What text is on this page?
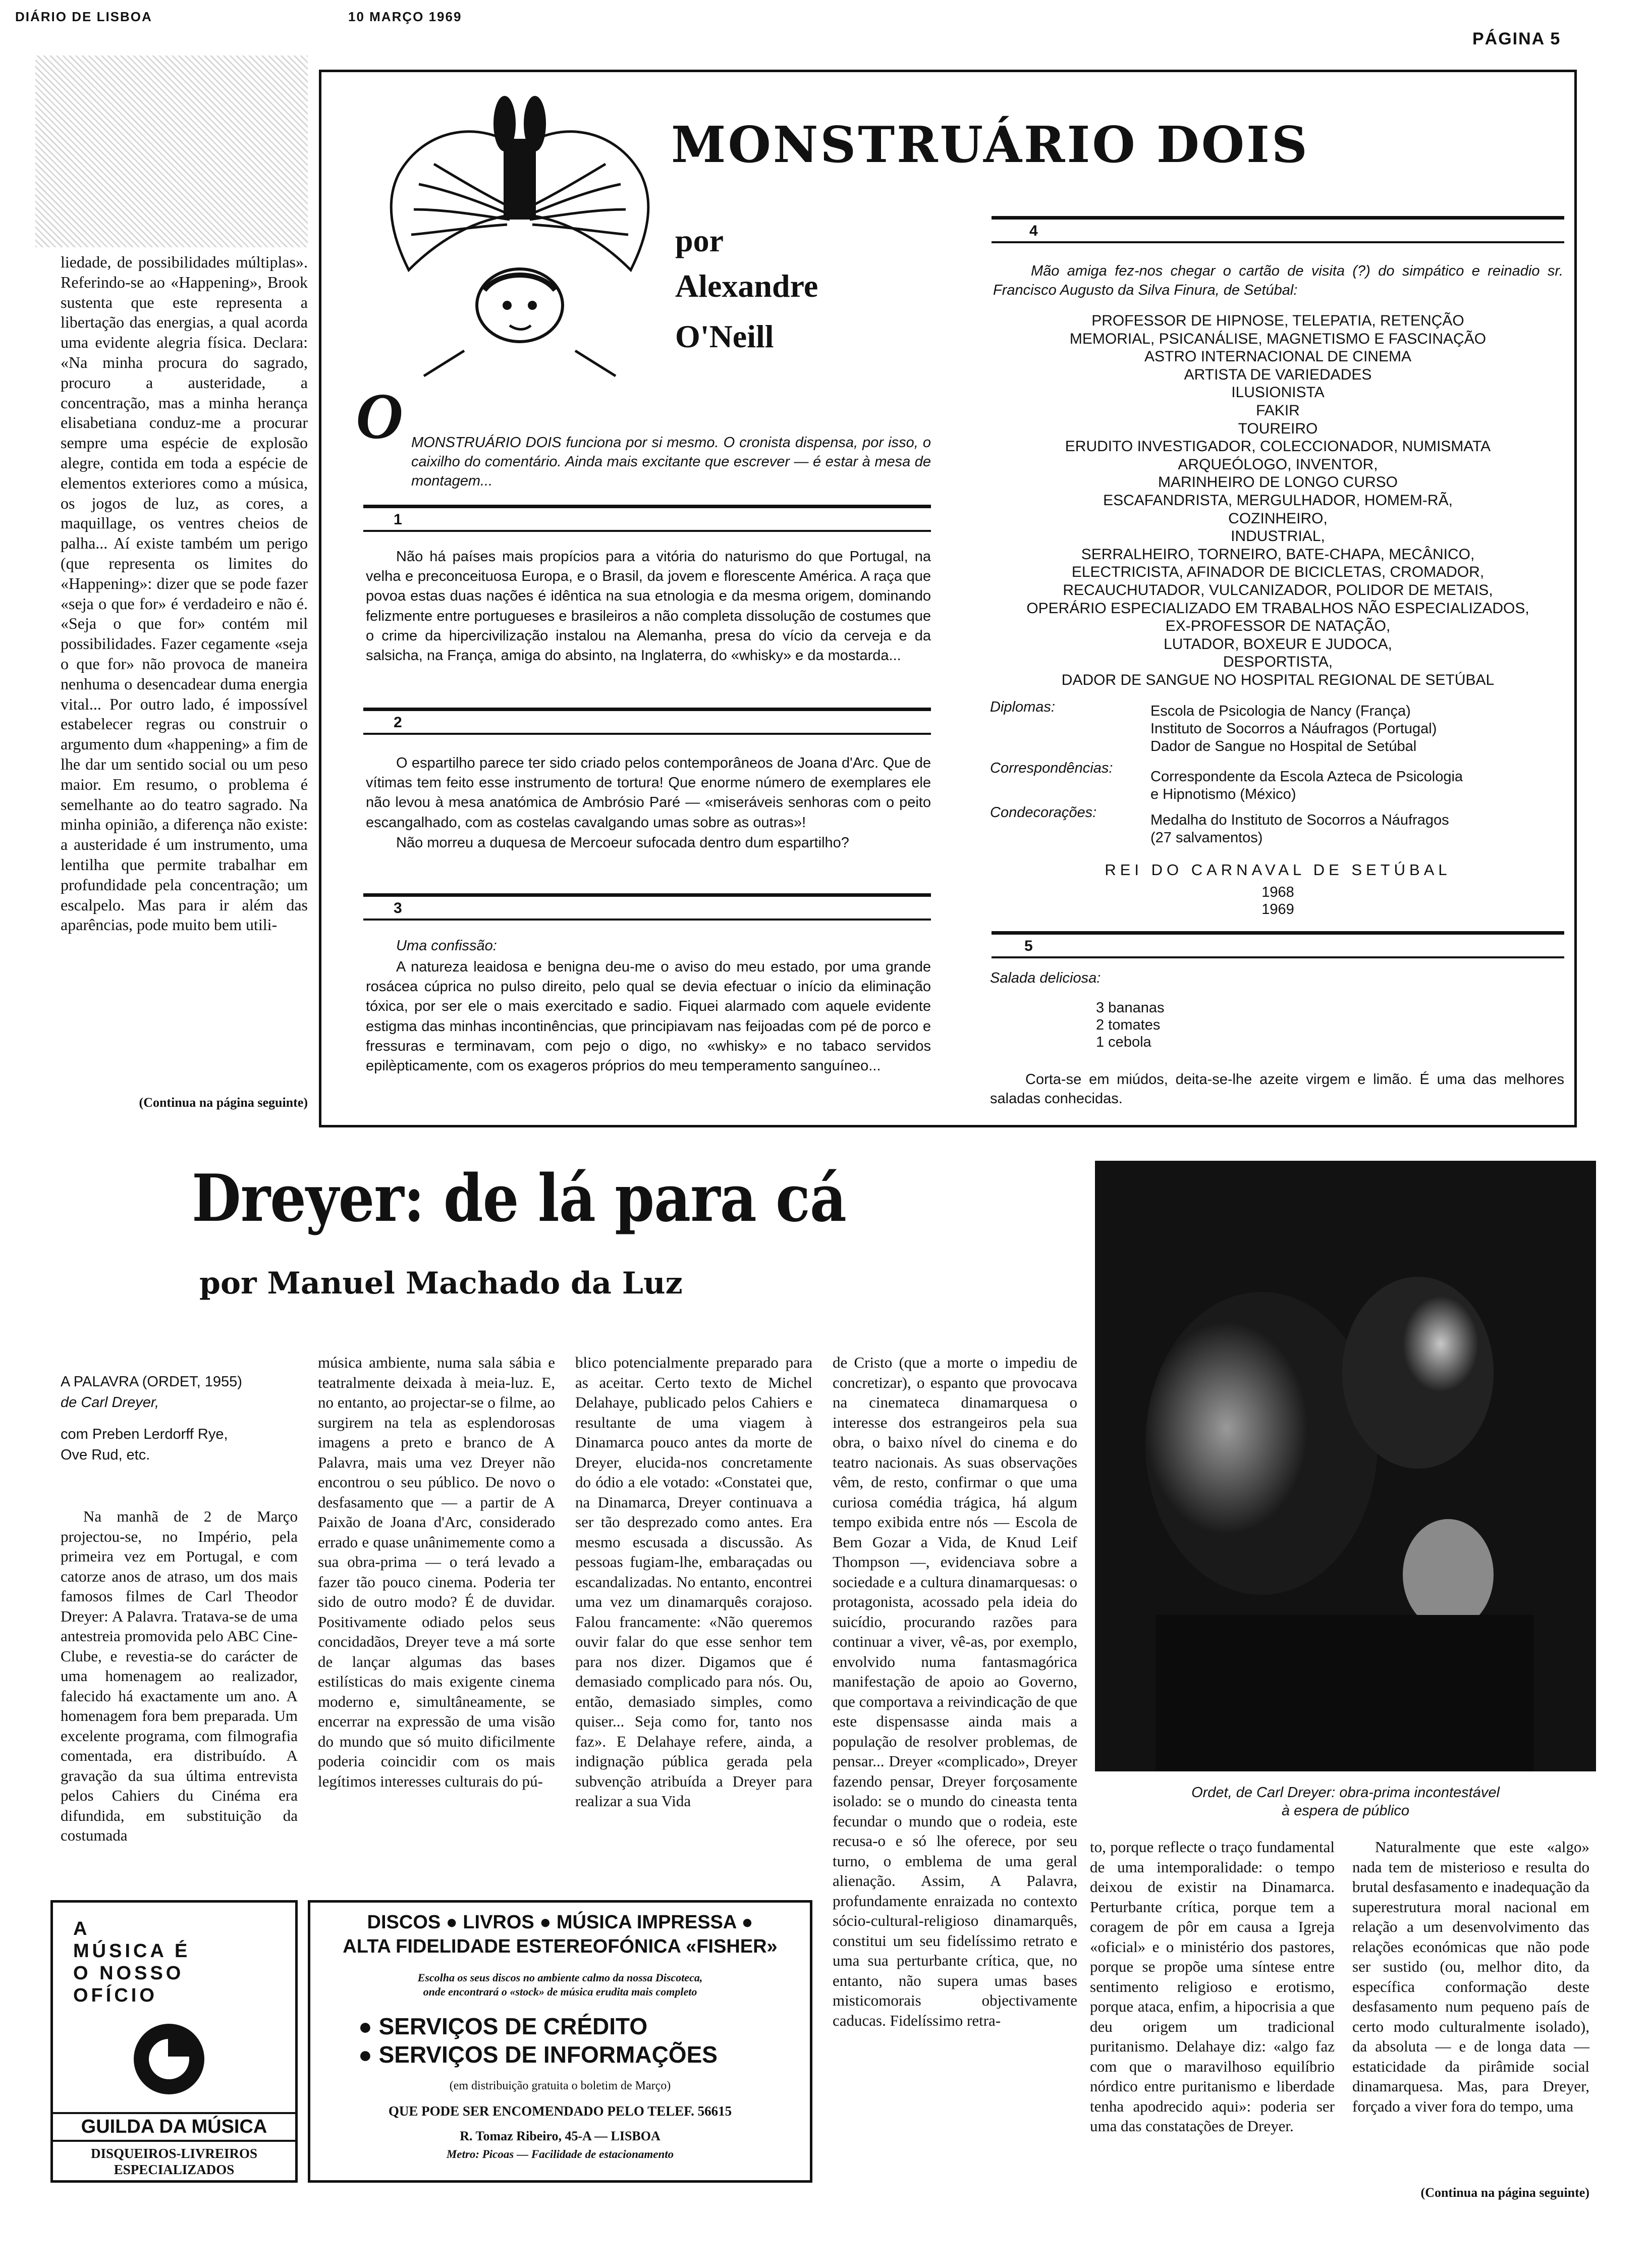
DIÁRIO DE LISBOA	10 MARÇO 1969
PÁGINA 5
liedade, de possibilidades múltiplas». Referindo-se ao «Happening», Brook sustenta que este representa a libertação das energias, a qual acorda uma evidente alegria física. Declara: «Na minha procura do sagrado, procuro a austeridade, a concentração, mas a minha herança elisabetiana conduz-me a procurar sempre uma espécie de explosão alegre, contida em toda a espécie de elementos exteriores como a música, os jogos de luz, as cores, a maquillage, os ventres cheios de palha... Aí existe também um perigo (que representa os limites do «Happening»: dizer que se pode fazer «seja o que for» é verdadeiro e não é. «Seja o que for» contém mil possibilidades. Fazer cegamente «seja o que for» não provoca de maneira nenhuma o desencadear duma energia vital... Por outro lado, é impossível estabelecer regras ou construir o argumento dum «happening» a fim de lhe dar um sentido social ou um peso maior. Em resumo, o problema é semelhante ao do teatro sagrado. Na minha opinião, a diferença não existe: a austeridade é um instrumento, uma lentilha que permite trabalhar em profundidade pela concentração; um escalpelo. Mas para ir além das aparências, pode muito bem utili-
(Continua na página seguinte)
MONSTRUÁRIO DOIS
por
Alexandre
O'Neill
O MONSTRUÁRIO DOIS funciona por si mesmo. O cronista dispensa, por isso, o caixilho do comentário. Ainda mais excitante que escrever — é estar à mesa de montagem...
1
Não há países mais propícios para a vitória do naturismo do que Portugal, na velha e preconceituosa Europa, e o Brasil, da jovem e florescente América. A raça que povoa estas duas nações é idêntica na sua etnologia e da mesma origem, dominando felizmente entre portugueses e brasileiros a não completa dissolução de costumes que o crime da hipercivilização instalou na Alemanha, presa do vício da cerveja e da salsicha, na França, amiga do absinto, na Inglaterra, do «whisky» e da mostarda...
2
O espartilho parece ter sido criado pelos contemporâneos de Joana d'Arc. Que de vítimas tem feito esse instrumento de tortura! Que enorme número de exemplares ele não levou à mesa anatómica de Ambrósio Paré — «miseráveis senhoras com o peito escangalhado, com as costelas cavalgando umas sobre as outras»!
Não morreu a duquesa de Mercoeur sufocada dentro dum espartilho?
3
Uma confissão:
A natureza leaidosa e benigna deu-me o aviso do meu estado, por uma grande rosácea cúprica no pulso direito, pelo qual se devia efectuar o início da eliminação tóxica, por ser ele o mais exercitado e sadio. Fiquei alarmado com aquele evidente estigma das minhas incontinências, que principiavam nas feijoadas com pé de porco e fressuras e terminavam, com pejo o digo, no «whisky» e no tabaco servidos epilèpticamente, com os exageros próprios do meu temperamento sanguíneo...
4
Mão amiga fez-nos chegar o cartão de visita (?) do simpático e reinadio sr. Francisco Augusto da Silva Finura, de Setúbal:
PROFESSOR DE HIPNOSE, TELEPATIA, RETENÇÃO
MEMORIAL, PSICANÁLISE, MAGNETISMO E FASCINAÇÃO
ASTRO INTERNACIONAL DE CINEMA
ARTISTA DE VARIEDADES
ILUSIONISTA
FAKIR
TOUREIRO
ERUDITO INVESTIGADOR, COLECCIONADOR, NUMISMATA
ARQUEÓLOGO, INVENTOR,
MARINHEIRO DE LONGO CURSO
ESCAFANDRISTA, MERGULHADOR, HOMEM-RÃ,
COZINHEIRO,
INDUSTRIAL,
SERRALHEIRO, TORNEIRO, BATE-CHAPA, MECÂNICO,
ELECTRICISTA, AFINADOR DE BICICLETAS, CROMADOR,
RECAUCHUTADOR, VULCANIZADOR, POLIDOR DE METAIS,
OPERÁRIO ESPECIALIZADO EM TRABALHOS NÃO ESPECIALIZADOS,
EX-PROFESSOR DE NATAÇÃO,
LUTADOR, BOXEUR E JUDOCA,
DESPORTISTA,
DADOR DE SANGUE NO HOSPITAL REGIONAL DE SETÚBAL
Diplomas:	Escola de Psicologia de Nancy (França)
Instituto de Socorros a Náufragos (Portugal)
Dador de Sangue no Hospital de Setúbal
Correspondências:
Correspondente da Escola Azteca de Psicologia
e Hipnotismo (México)
Condecorações:	Medalha do Instituto de Socorros a Náufragos
(27 salvamentos)
REI DO CARNAVAL DE SETÚBAL
1968
1969
5
Salada deliciosa:
3 bananas
2 tomates
1 cebola
Corta-se em miúdos, deita-se-lhe azeite virgem e limão. É uma das melhores saladas conhecidas.
Dreyer: de lá para cá
por Manuel Machado da Luz
A PALAVRA (ORDET, 1955)
de Carl Dreyer,
com Preben Lerdorff Rye,
Ove Rud, etc.
Na manhã de 2 de Março projectou-se, no Império, pela primeira vez em Portugal, e com catorze anos de atraso, um dos mais famosos filmes de Carl Theodor Dreyer: A Palavra. Tratava-se de uma antestreia promovida pelo ABC Cine-Clube, e revestia-se do carácter de uma homenagem ao realizador, falecido há exactamente um ano. A homenagem fora bem preparada. Um excelente programa, com filmografia comentada, era distribuído. A gravação da sua última entrevista pelos Cahiers du Cinéma era difundida, em substituição da costumada
música ambiente, numa sala sábia e teatralmente deixada à meia-luz. E, no entanto, ao projectar-se o filme, ao surgirem na tela as esplendorosas imagens a preto e branco de A Palavra, mais uma vez Dreyer não encontrou o seu público. De novo o desfasamento que — a partir de A Paixão de Joana d'Arc, considerado errado e quase unânimemente como a sua obra-prima — o terá levado a fazer tão pouco cinema. Poderia ter sido de outro modo? É de duvidar. Positivamente odiado pelos seus concidadãos, Dreyer teve a má sorte de lançar algumas das bases estilísticas do mais exigente cinema moderno e, simultâneamente, se encerrar na expressão de uma visão do mundo que só muito dificilmente poderia coincidir com os mais legítimos interesses culturais do pú-
blico potencialmente preparado para as aceitar. Certo texto de Michel Delahaye, publicado pelos Cahiers e resultante de uma viagem à Dinamarca pouco antes da morte de Dreyer, elucida-nos concretamente do ódio a ele votado: «Constatei que, na Dinamarca, Dreyer continuava a ser tão desprezado como antes. Era mesmo escusada a discussão. As pessoas fugiam-lhe, embaraçadas ou escandalizadas. No entanto, encontrei uma vez um dinamarquês corajoso. Falou francamente: «Não queremos ouvir falar do que esse senhor tem para nos dizer. Digamos que é demasiado complicado para nós. Ou, então, demasiado simples, como quiser... Seja como for, tanto nos faz». E Delahaye refere, ainda, a indignação pública gerada pela subvenção atribuída a Dreyer para realizar a sua Vida
de Cristo (que a morte o impediu de concretizar), o espanto que provocava na cinemateca dinamarquesa o interesse dos estrangeiros pela sua obra, o baixo nível do cinema e do teatro nacionais. As suas observações vêm, de resto, confirmar o que uma curiosa comédia trágica, há algum tempo exibida entre nós — Escola de Bem Gozar a Vida, de Knud Leif Thompson —, evidenciava sobre a sociedade e a cultura dinamarquesas: o protagonista, acossado pela ideia do suicídio, procurando razões para continuar a viver, vê-as, por exemplo, envolvido numa fantasmagórica manifestação de apoio ao Governo, que comportava a reivindicação de que este dispensasse ainda mais a população de resolver problemas, de pensar... Dreyer «complicado», Dreyer fazendo pensar, Dreyer forçosamente isolado: se o mundo do cineasta tenta fecundar o mundo que o rodeia, este recusa-o e só lhe oferece, por seu turno, o emblema de uma geral alienação. Assim, A Palavra, profundamente enraizada no contexto sócio-cultural-religioso dinamarquês, constitui um seu fidelíssimo retrato e uma sua perturbante crítica, que, no entanto, não supera umas bases misticomorais objectivamente caducas. Fidelíssimo retra-
to, porque reflecte o traço fundamental de uma intemporalidade: o tempo deixou de existir na Dinamarca. Perturbante crítica, porque tem a coragem de pôr em causa a Igreja «oficial» e o ministério dos pastores, porque se propõe uma síntese entre sentimento religioso e erotismo, porque ataca, enfim, a hipocrisia a que deu origem um tradicional puritanismo. Delahaye diz: «algo faz com que o maravilhoso equilíbrio nórdico entre puritanismo e liberdade tenha apodrecido aqui»: poderia ser uma das constatações de Dreyer.
Naturalmente que este «algo» nada tem de misterioso e resulta do brutal desfasamento e inadequação da superestrutura moral nacional em relação a um desenvolvimento das relações económicas que não pode ser sustido (ou, melhor dito, da específica conformação deste desfasamento num pequeno país de certo modo culturalmente isolado), da absoluta — e de longa data — estaticidade da pirâmide social dinamarquesa. Mas, para Dreyer, forçado a viver fora do tempo, uma
(Continua na página seguinte)
Ordet, de Carl Dreyer: obra-prima incontestável
à espera de público
A
MÚSICA É
O NOSSO
OFÍCIO
GUILDA DA MÚSICA
DISQUEIROS-LIVREIROS
ESPECIALIZADOS
DISCOS ● LIVROS ● MÚSICA IMPRESSA ●
ALTA FIDELIDADE ESTEREOFÓNICA «FISHER»
Escolha os seus discos no ambiente calmo da nossa Discoteca,
onde encontrará o «stock» de música erudita mais completo
● SERVIÇOS DE CRÉDITO
● SERVIÇOS DE INFORMAÇÕES
(em distribuição gratuita o boletim de Março)
QUE PODE SER ENCOMENDADO PELO TELEF. 56615
R. Tomaz Ribeiro, 45-A — LISBOA
Metro: Picoas — Facilidade de estacionamento
